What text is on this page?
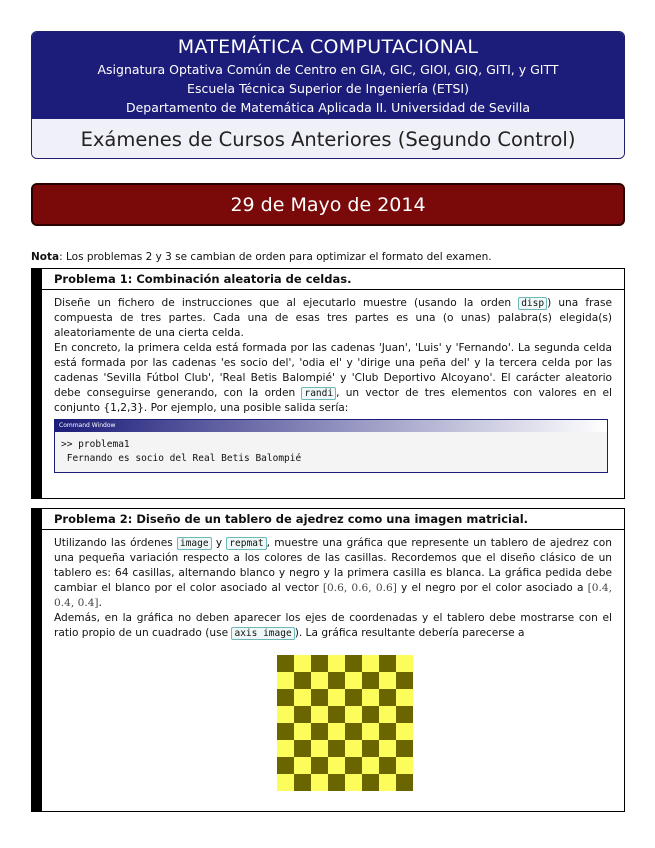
MATEMÁTICA COMPUTACIONAL
Asignatura Optativa Común de Centro en GIA, GIC, GIOI, GIQ, GITI, y GITT
Escuela Técnica Superior de Ingeniería (ETSI)
Departamento de Matemática Aplicada II. Universidad de Sevilla
Exámenes de Cursos Anteriores (Segundo Control)
29 de Mayo de 2014
Nota: Los problemas 2 y 3 se cambian de orden para optimizar el formato del examen.
Problema 1: Combinación aleatoria de celdas.

Diseñe un fichero de instrucciones que al ejecutarlo muestre (usando la orden disp ) una frase compuesta de tres partes. Cada una de esas tres partes es una (o unas) palabra(s) elegida(s) aleatoriamente de una cierta celda.

En concreto, la primera celda está formada por las cadenas 'Juan', 'Luis' y 'Fernando'. La segunda celda está formada por las cadenas 'es socio del', 'odia el' y 'dirige una peña del' y la tercera celda por las cadenas 'Sevilla Fútbol Club', 'Real Betis Balompié' y 'Club Deportivo Alcoyano'. El carácter aleatorio debe conseguirse generando, con la orden randi , un vector de tres elementos con valores en el conjunto {1,2,3}. Por ejemplo, una posible salida sería:

Command Window
>> problema1
Fernando es socio del Real Betis Balompié
Problema 2: Diseño de un tablero de ajedrez como una imagen matricial.

Utilizando las órdenes image y repmat , muestre una gráfica que represente un tablero de ajedrez con una pequeña variación respecto a los colores de las casillas. Recordemos que el diseño clásico de un tablero es: 64 casillas, alternando blanco y negro y la primera casilla es blanca. La gráfica pedida debe cambiar el blanco por el color asociado al vector [0.6, 0.6, 0.6] y el negro por el color asociado a [0.4, 0.4, 0.4].

Además, en la gráfica no deben aparecer los ejes de coordenadas y el tablero debe mostrarse con el ratio propio de un cuadrado (use axis image ). La gráfica resultante debería parecerse a
